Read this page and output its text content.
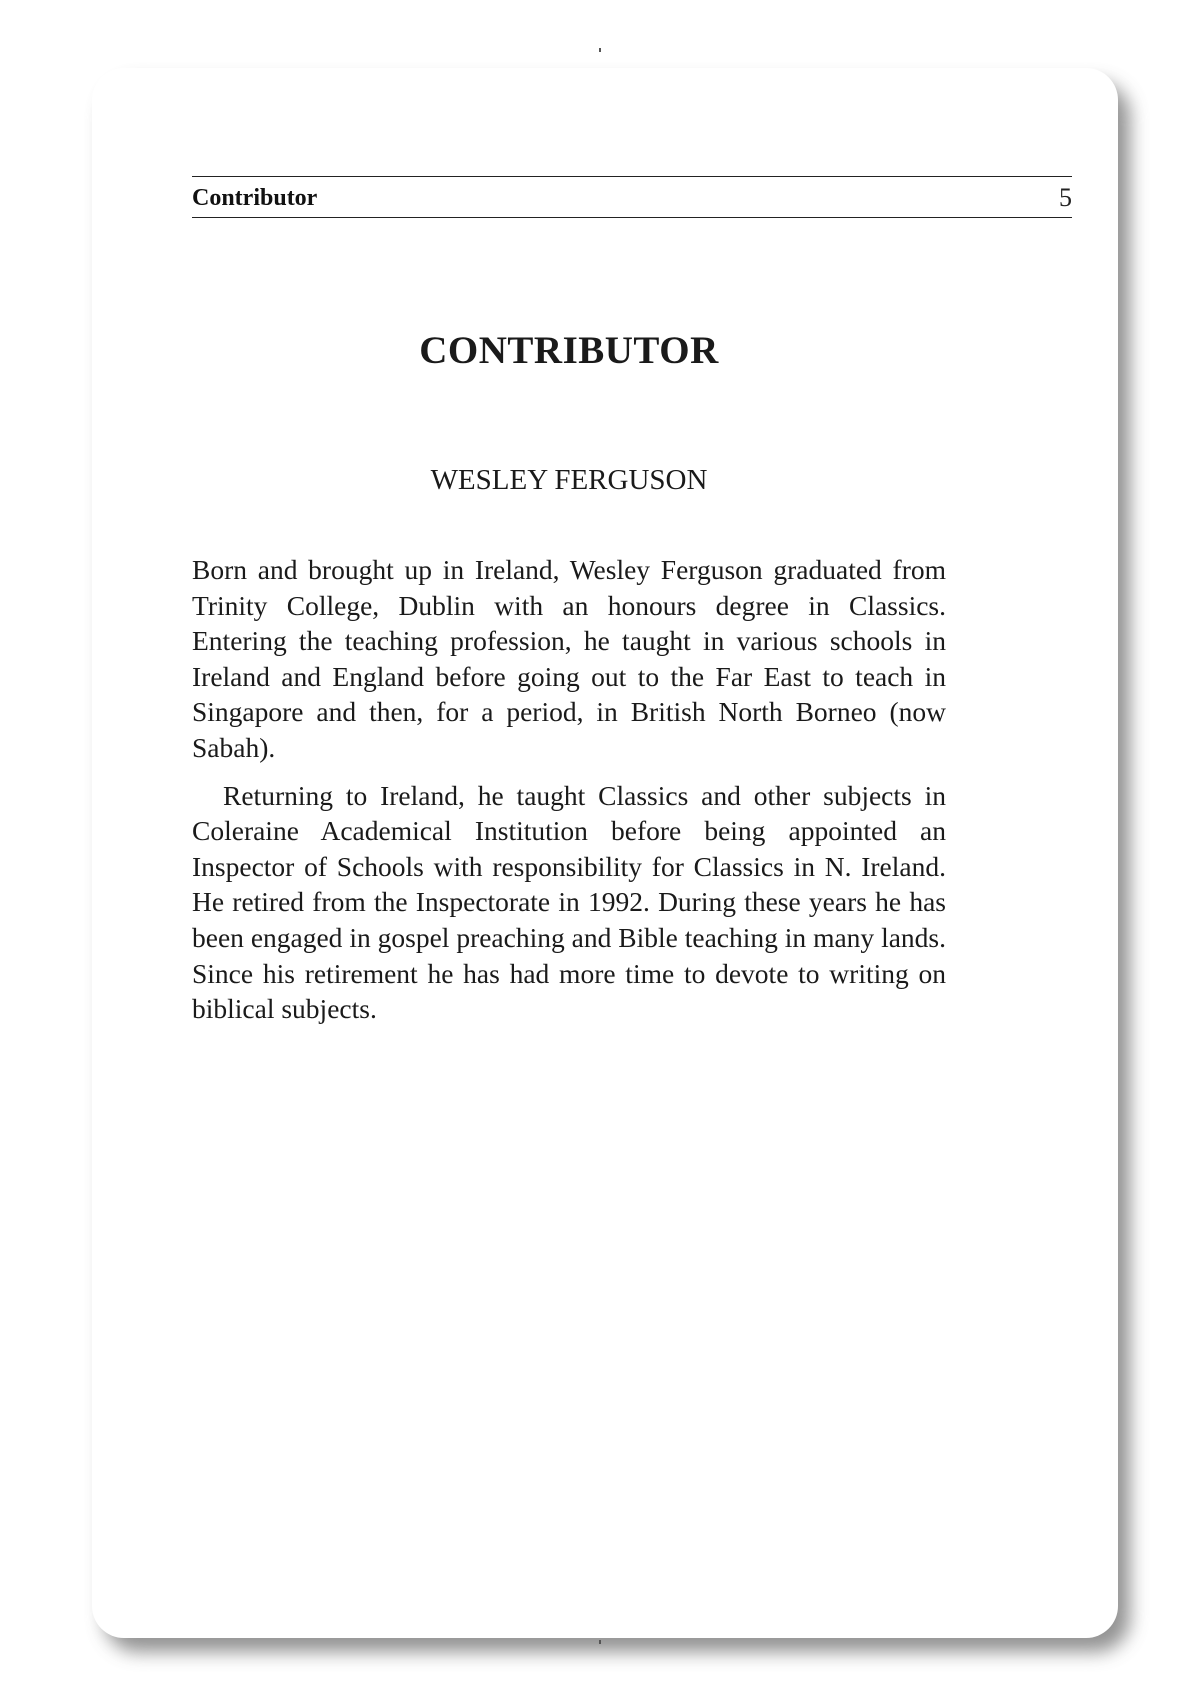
Contributor	5
CONTRIBUTOR
WESLEY FERGUSON

Born and brought up in Ireland, Wesley Ferguson graduated from Trinity College, Dublin with an honours degree in Classics. Entering the teaching profession, he taught in various schools in Ireland and England before going out to the Far East to teach in Singapore and then, for a period, in British North Borneo (now Sabah).

Returning to Ireland, he taught Classics and other subjects in Coleraine Academical Institution before being appointed an Inspector of Schools with responsibility for Classics in N. Ireland. He retired from the Inspectorate in 1992. During these years he has been engaged in gospel preaching and Bible teaching in many lands. Since his retirement he has had more time to devote to writing on biblical subjects.
